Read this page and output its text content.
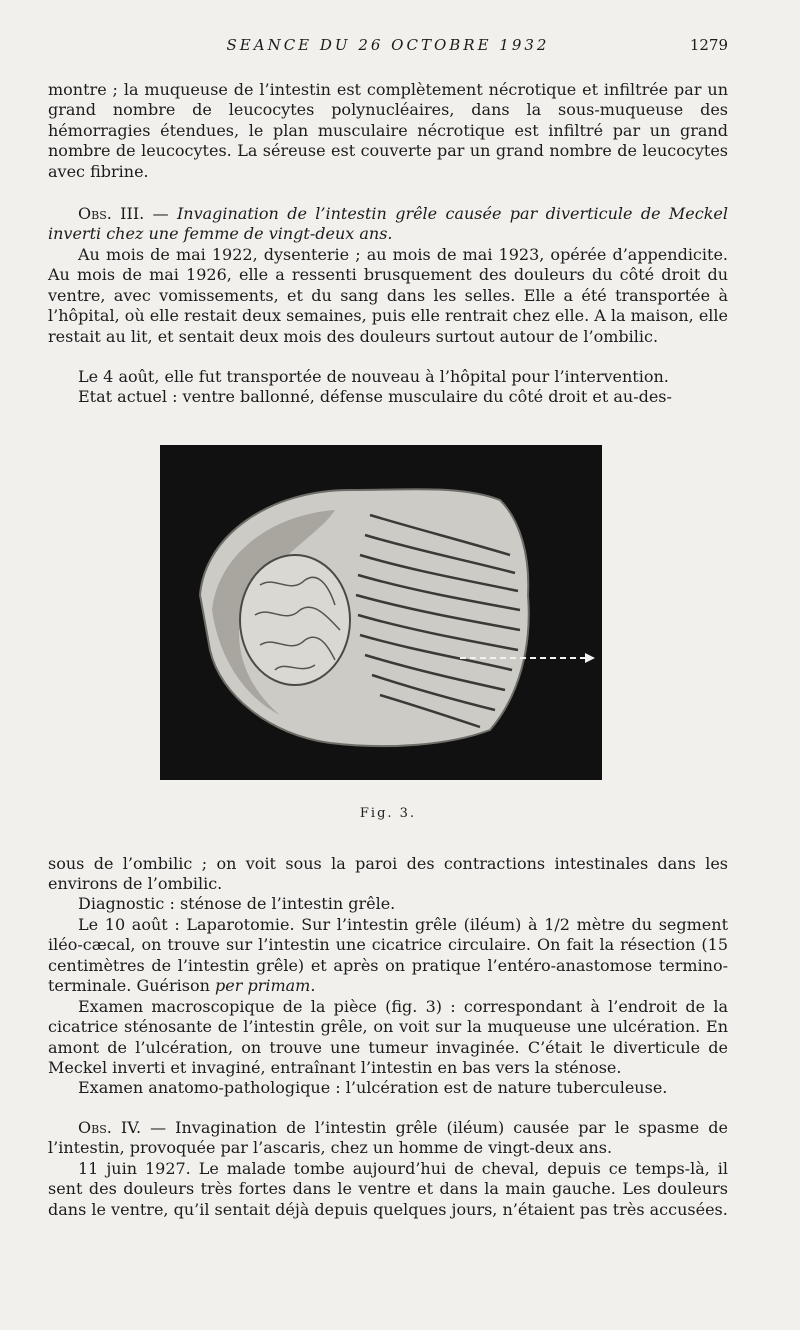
SEANCE DU 26 OCTOBRE 1932	1279

montre ; la muqueuse de l’intestin est complètement nécrotique et infiltrée par un grand nombre de leucocytes polynucléaires, dans la sous-muqueuse des hémorragies étendues, le plan musculaire nécrotique est infiltré par un grand nombre de leucocytes. La séreuse est couverte par un grand nombre de leucocytes avec fibrine.

Obs. III. — Invagination de l’intestin grêle causée par diverticule de Meckel inverti chez une femme de vingt-deux ans.

Au mois de mai 1922, dysenterie ; au mois de mai 1923, opérée d’appendicite. Au mois de mai 1926, elle a ressenti brusquement des douleurs du côté droit du ventre, avec vomissements, et du sang dans les selles. Elle a été transportée à l’hôpital, où elle restait deux semaines, puis elle rentrait chez elle. A la maison, elle restait au lit, et sentait deux mois des douleurs surtout autour de l’ombilic.

Le 4 août, elle fut transportée de nouveau à l’hôpital pour l’intervention.

Etat actuel : ventre ballonné, défense musculaire du côté droit et au-des-

Fig. 3.

sous de l’ombilic ; on voit sous la paroi des contractions intestinales dans les environs de l’ombilic.

Diagnostic : sténose de l’intestin grêle.

Le 10 août : Laparotomie. Sur l’intestin grêle (iléum) à 1/2 mètre du segment iléo-cæcal, on trouve sur l’intestin une cicatrice circulaire. On fait la résection (15 centimètres de l’intestin grêle) et après on pratique l’entéro-anastomose termino-terminale. Guérison per primam.

Examen macroscopique de la pièce (fig. 3) : correspondant à l’endroit de la cicatrice sténosante de l’intestin grêle, on voit sur la muqueuse une ulcération. En amont de l’ulcération, on trouve une tumeur invaginée. C’était le diverticule de Meckel inverti et invaginé, entraînant l’intestin en bas vers la sténose.

Examen anatomo-pathologique : l’ulcération est de nature tuberculeuse.

Obs. IV. — Invagination de l’intestin grêle (iléum) causée par le spasme de l’intestin, provoquée par l’ascaris, chez un homme de vingt-deux ans.

11 juin 1927. Le malade tombe aujourd’hui de cheval, depuis ce temps-là, il sent des douleurs très fortes dans le ventre et dans la main gauche. Les douleurs dans le ventre, qu’il sentait déjà depuis quelques jours, n’étaient pas très accusées.
